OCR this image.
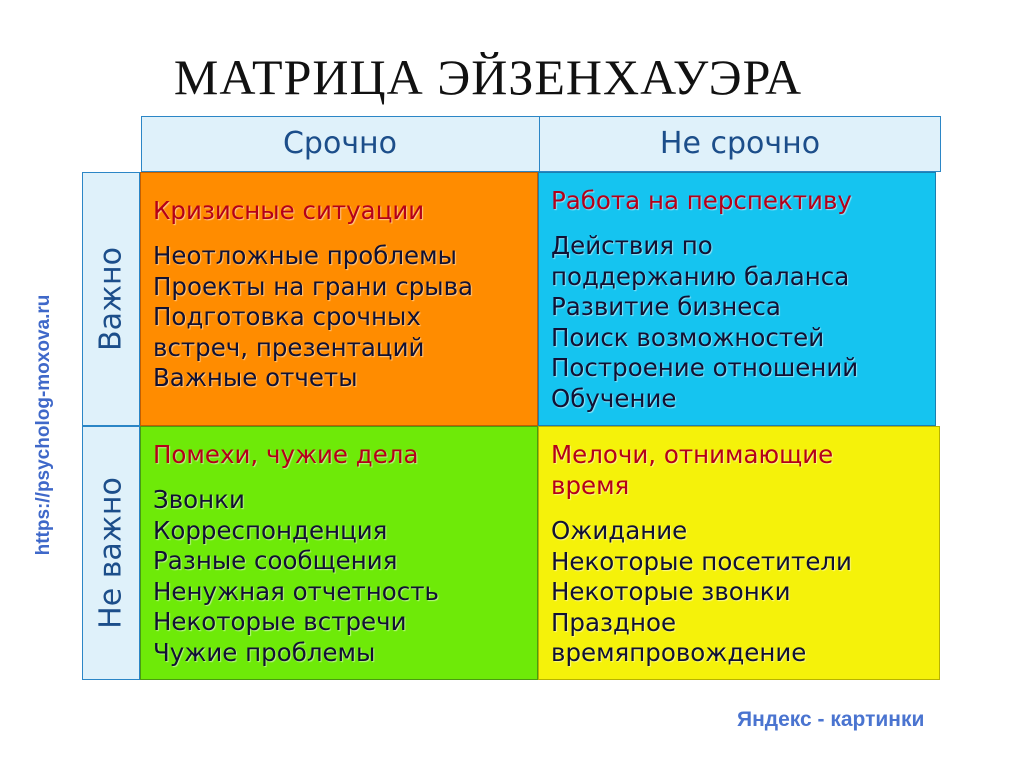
МАТРИЦА ЭЙЗЕНХАУЭРА
Срочно	Не срочно
Важно
Не важно
Кризисные ситуации
Неотложные проблемы
Проекты на грани срыва
Подготовка срочных
встреч, презентаций
Важные отчеты
Работа на перспективу
Действия по
поддержанию баланса
Развитие бизнеса
Поиск возможностей
Построение отношений
Обучение
Помехи, чужие дела
Звонки
Корреспонденция
Разные сообщения
Ненужная отчетность
Некоторые встречи
Чужие проблемы
Мелочи, отнимающие
время
Ожидание
Некоторые посетители
Некоторые звонки
Праздное
времяпровождение
https://psycholog-moxova.ru
Яндекс - картинки
